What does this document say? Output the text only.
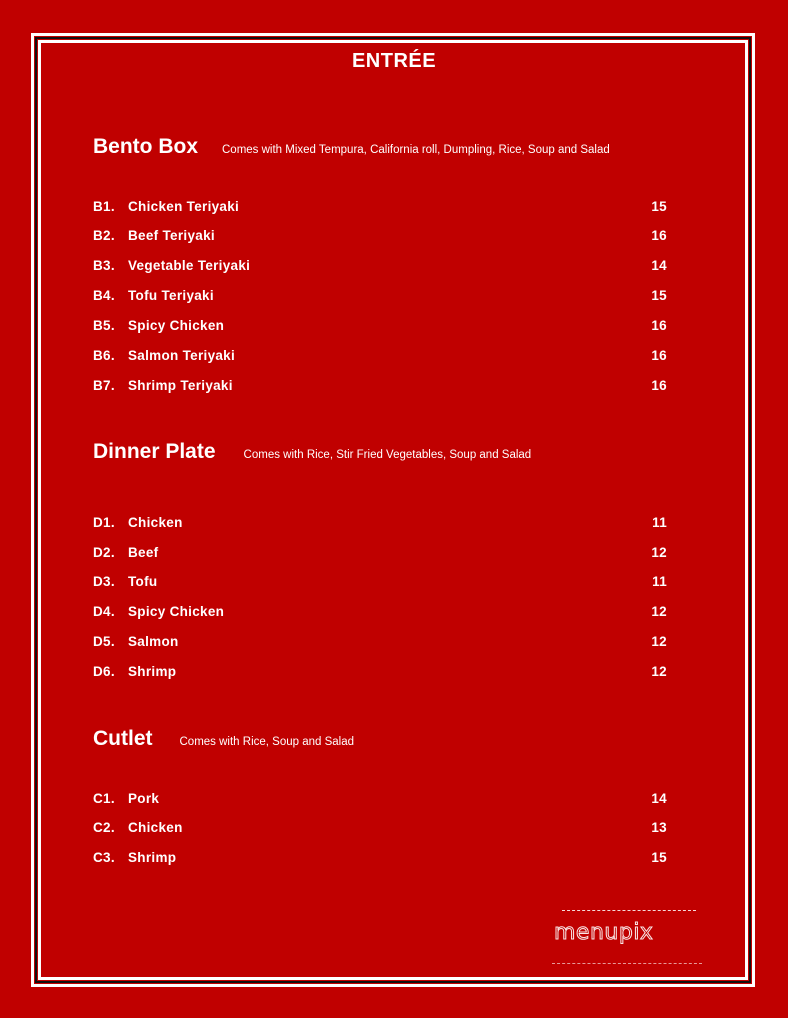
ENTRÉE
Bento Box Comes with Mixed Tempura, California roll, Dumpling, Rice, Soup and Salad
B1. Chicken Teriyaki	15
B2. Beef Teriyaki	16
B3. Vegetable Teriyaki	14
B4. Tofu Teriyaki	15
B5. Spicy Chicken	16
B6. Salmon Teriyaki	16
B7. Shrimp Teriyaki	16
Dinner Plate Comes with Rice, Stir Fried Vegetables, Soup and Salad
D1. Chicken	11
D2. Beef	12
D3. Tofu	11
D4. Spicy Chicken	12
D5. Salmon	12
D6. Shrimp	12
Cutlet Comes with Rice, Soup and Salad
C1. Pork	14
C2. Chicken	13
C3. Shrimp	15
menupix
